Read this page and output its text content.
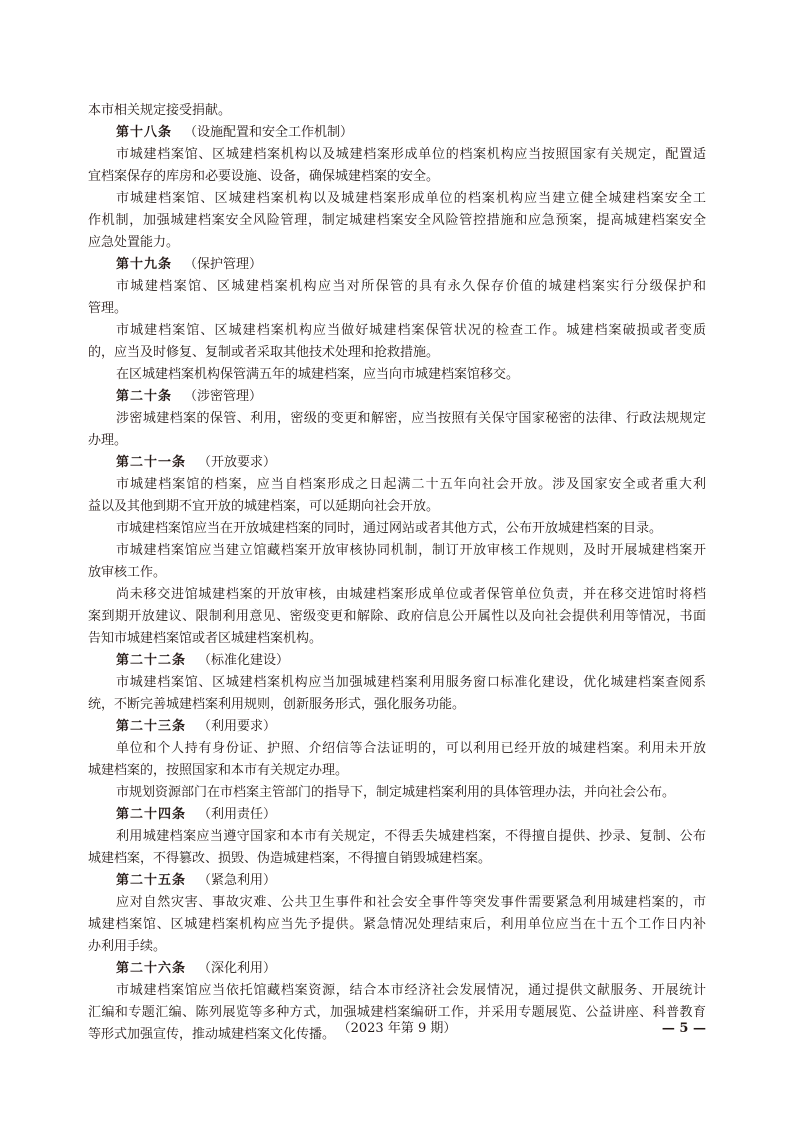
本市相关规定接受捐献。
第十八条 （设施配置和安全工作机制）
市城建档案馆、区城建档案机构以及城建档案形成单位的档案机构应当按照国家有关规定，配置适
宜档案保存的库房和必要设施、设备，确保城建档案的安全。
市城建档案馆、区城建档案机构以及城建档案形成单位的档案机构应当建立健全城建档案安全工
作机制，加强城建档案安全风险管理，制定城建档案安全风险管控措施和应急预案，提高城建档案安全
应急处置能力。
第十九条 （保护管理）
市城建档案馆、区城建档案机构应当对所保管的具有永久保存价值的城建档案实行分级保护和
管理。
市城建档案馆、区城建档案机构应当做好城建档案保管状况的检查工作。城建档案破损或者变质
的，应当及时修复、复制或者采取其他技术处理和抢救措施。
在区城建档案机构保管满五年的城建档案，应当向市城建档案馆移交。
第二十条 （涉密管理）
涉密城建档案的保管、利用，密级的变更和解密，应当按照有关保守国家秘密的法律、行政法规规定
办理。
第二十一条 （开放要求）
市城建档案馆的档案，应当自档案形成之日起满二十五年向社会开放。涉及国家安全或者重大利
益以及其他到期不宜开放的城建档案，可以延期向社会开放。
市城建档案馆应当在开放城建档案的同时，通过网站或者其他方式，公布开放城建档案的目录。
市城建档案馆应当建立馆藏档案开放审核协同机制，制订开放审核工作规则，及时开展城建档案开
放审核工作。
尚未移交进馆城建档案的开放审核，由城建档案形成单位或者保管单位负责，并在移交进馆时将档
案到期开放建议、限制利用意见、密级变更和解除、政府信息公开属性以及向社会提供利用等情况，书面
告知市城建档案馆或者区城建档案机构。
第二十二条 （标准化建设）
市城建档案馆、区城建档案机构应当加强城建档案利用服务窗口标准化建设，优化城建档案查阅系
统，不断完善城建档案利用规则，创新服务形式，强化服务功能。
第二十三条 （利用要求）
单位和个人持有身份证、护照、介绍信等合法证明的，可以利用已经开放的城建档案。利用未开放
城建档案的，按照国家和本市有关规定办理。
市规划资源部门在市档案主管部门的指导下，制定城建档案利用的具体管理办法，并向社会公布。
第二十四条 （利用责任）
利用城建档案应当遵守国家和本市有关规定，不得丢失城建档案，不得擅自提供、抄录、复制、公布
城建档案，不得篡改、损毁、伪造城建档案，不得擅自销毁城建档案。
第二十五条 （紧急利用）
应对自然灾害、事故灾难、公共卫生事件和社会安全事件等突发事件需要紧急利用城建档案的，市
城建档案馆、区城建档案机构应当先予提供。紧急情况处理结束后，利用单位应当在十五个工作日内补
办利用手续。
第二十六条 （深化利用）
市城建档案馆应当依托馆藏档案资源，结合本市经济社会发展情况，通过提供文献服务、开展统计
汇编和专题汇编、陈列展览等多种方式，加强城建档案编研工作，并采用专题展览、公益讲座、科普教育
等形式加强宣传，推动城建档案文化传播。 （2023 年第 9 期）	— 5 —
